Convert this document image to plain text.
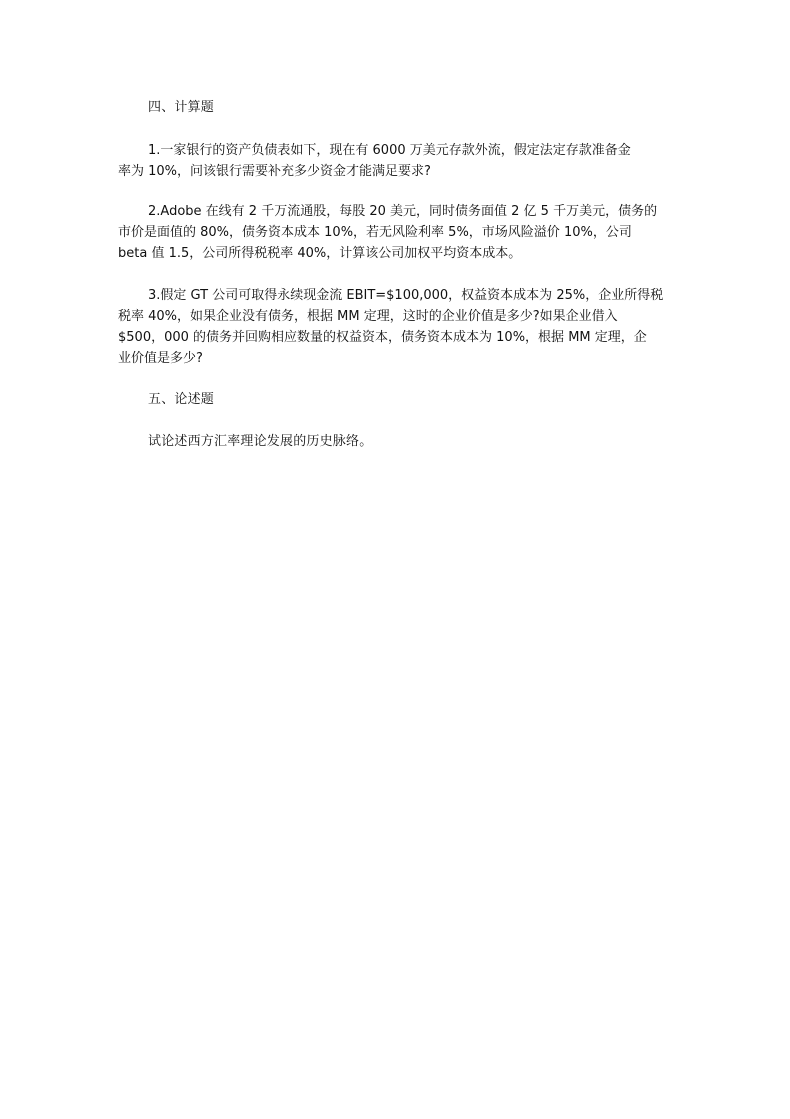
四、计算题
1.一家银行的资产负债表如下，现在有 6000 万美元存款外流，假定法定存款准备金
率为 10%，问该银行需要补充多少资金才能满足要求?
2.Adobe 在线有 2 千万流通股，每股 20 美元，同时债务面值 2 亿 5 千万美元，债务的
市价是面值的 80%，债务资本成本 10%，若无风险利率 5%，市场风险溢价 10%，公司
beta 值 1.5，公司所得税税率 40%，计算该公司加权平均资本成本。
3.假定 GT 公司可取得永续现金流 EBIT=$100,000，权益资本成本为 25%，企业所得税
税率 40%，如果企业没有债务，根据 MM 定理，这时的企业价值是多少?如果企业借入
$500，000 的债务并回购相应数量的权益资本，债务资本成本为 10%，根据 MM 定理，企
业价值是多少?
五、论述题
试论述西方汇率理论发展的历史脉络。
